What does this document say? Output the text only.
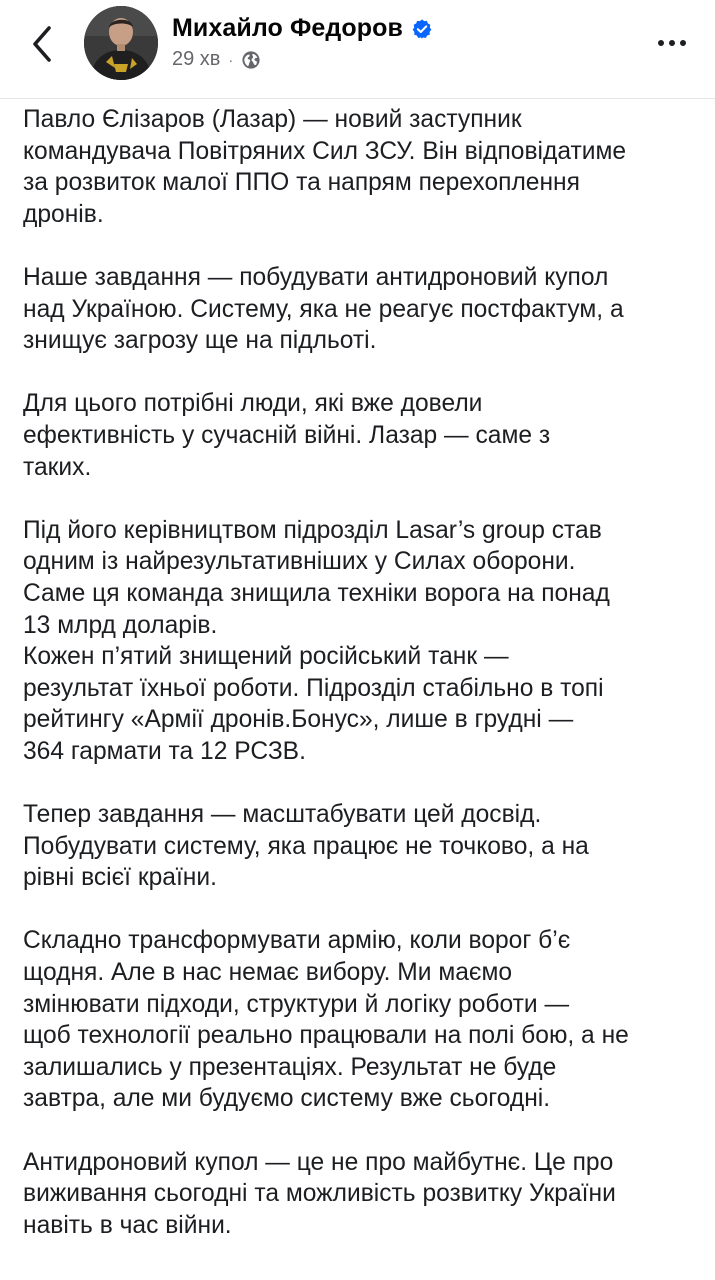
Михайло Федоров
29 хв ·

Павло Єлізаров (Лазар) — новий заступник
командувача Повітряних Сил ЗСУ. Він відповідатиме
за розвиток малої ППО та напрям перехоплення
дронів.

Наше завдання — побудувати антидроновий купол
над Україною. Систему, яка не реагує постфактум, а
знищує загрозу ще на підльоті.

Для цього потрібні люди, які вже довели
ефективність у сучасній війні. Лазар — саме з
таких.

Під його керівництвом підрозділ Lasar’s group став
одним із найрезультативніших у Силах оборони.
Саме ця команда знищила техніки ворога на понад
13 млрд доларів.
Кожен п’ятий знищений російський танк —
результат їхньої роботи. Підрозділ стабільно в топі
рейтингу «Армії дронів.Бонус», лише в грудні —
364 гармати та 12 РСЗВ.

Тепер завдання — масштабувати цей досвід.
Побудувати систему, яка працює не точково, а на
рівні всієї країни.

Складно трансформувати армію, коли ворог б’є
щодня. Але в нас немає вибору. Ми маємо
змінювати підходи, структури й логіку роботи —
щоб технології реально працювали на полі бою, а не
залишались у презентаціях. Результат не буде
завтра, але ми будуємо систему вже сьогодні.

Антидроновий купол — це не про майбутнє. Це про
виживання сьогодні та можливість розвитку України
навіть в час війни.
